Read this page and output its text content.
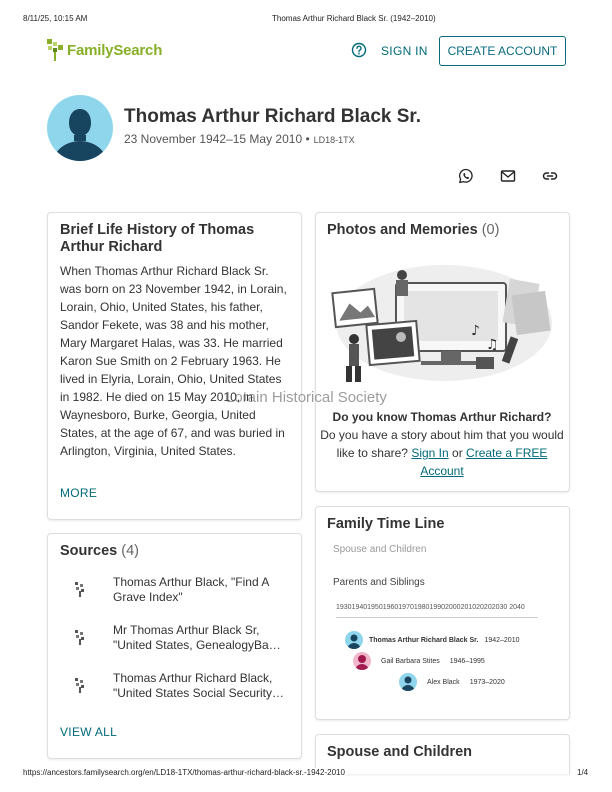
8/11/25, 10:15 AM	Thomas Arthur Richard Black Sr. (1942–2010)
FamilySearch	SIGN IN	CREATE ACCOUNT
Thomas Arthur Richard Black Sr.
23 November 1942–15 May 2010 • LD18-1TX
Brief Life History of Thomas Arthur Richard
When Thomas Arthur Richard Black Sr. was born on 23 November 1942, in Lorain, Lorain, Ohio, United States, his father, Sandor Fekete, was 38 and his mother, Mary Margaret Halas, was 33. He married Karon Sue Smith on 2 February 1963. He lived in Elyria, Lorain, Ohio, United States in 1982. He died on 15 May 2010, in Waynesboro, Burke, Georgia, United States, at the age of 67, and was buried in Arlington, Virginia, United States.
MORE
Sources (4)
Thomas Arthur Black, "Find A Grave Index"
Mr Thomas Arthur Black Sr, "United States, GenealogyBa…
Thomas Arthur Richard Black, "United States Social Security…
VIEW ALL
Photos and Memories (0)
♪
♫
Lorain Historical Society
Do you know Thomas Arthur Richard?
Do you have a story about him that you would like to share? Sign In or Create a FREE Account
Family Time Line
Spouse and Children
Parents and Siblings
19301940195019601970198019902000201020202030 2040
Thomas Arthur Richard Black Sr. 1942–2010
Gail Barbara Stites 1946–1995
Alex Black 1973–2020
Spouse and Children
https://ancestors.familysearch.org/en/LD18-1TX/thomas-arthur-richard-black-sr.-1942-2010	1/4
